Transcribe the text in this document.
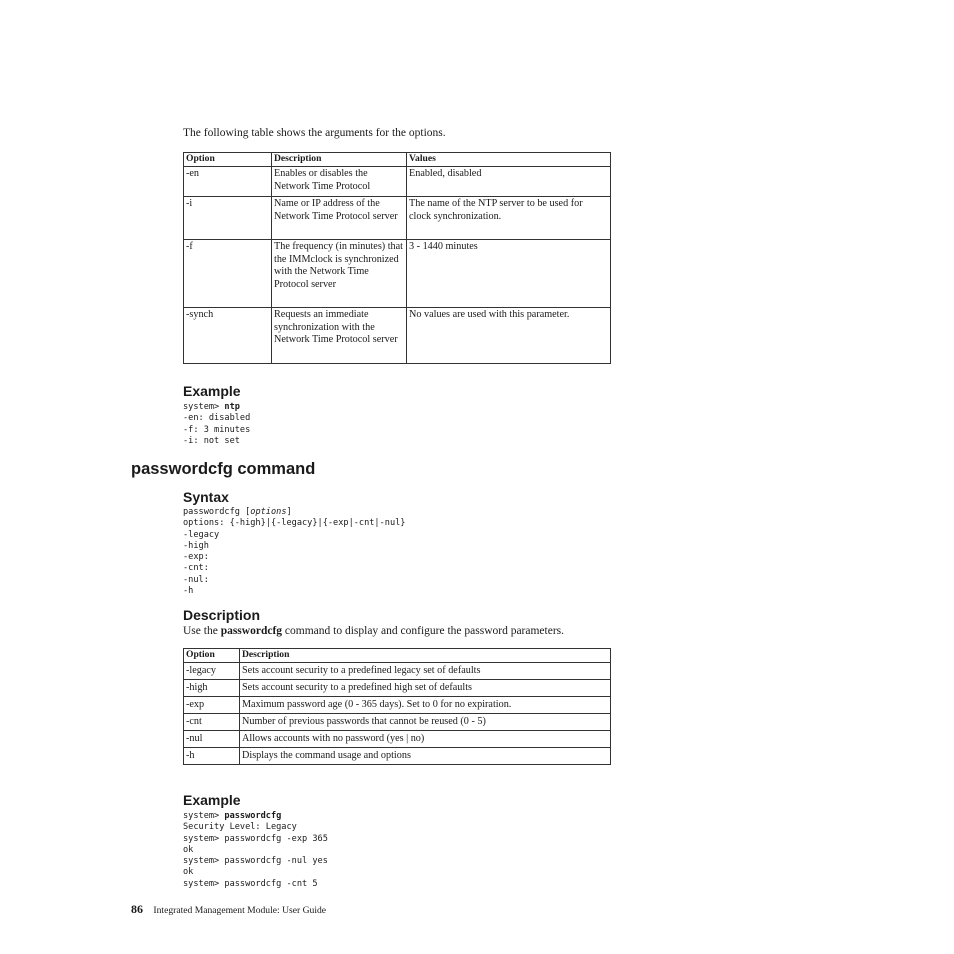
The following table shows the arguments for the options.
Option	Description	Values
-en	Enables or disables the Network Time Protocol	Enabled, disabled
-i	Name or IP address of the Network Time Protocol server	The name of the NTP server to be used for clock synchronization.
-f	The frequency (in minutes) that the IMMclock is synchronized with the Network Time Protocol server	3 - 1440 minutes
-synch	Requests an immediate synchronization with the Network Time Protocol server	No values are used with this parameter.
Example
system> ntp
-en: disabled
-f: 3 minutes
-i: not set
passwordcfg command
Syntax
passwordcfg [options]
options: {-high}|{-legacy}|{-exp|-cnt|-nul}
-legacy
-high
-exp:
-cnt:
-nul:
-h
Description
Use the passwordcfg command to display and configure the password parameters.
Option	Description
-legacy	Sets account security to a predefined legacy set of defaults
-high	Sets account security to a predefined high set of defaults
-exp	Maximum password age (0 - 365 days). Set to 0 for no expiration.
-cnt	Number of previous passwords that cannot be reused (0 - 5)
-nul	Allows accounts with no password (yes | no)
-h	Displays the command usage and options
Example
system> passwordcfg
Security Level: Legacy
system> passwordcfg -exp 365
ok
system> passwordcfg -nul yes
ok
system> passwordcfg -cnt 5
86 Integrated Management Module: User Guide
